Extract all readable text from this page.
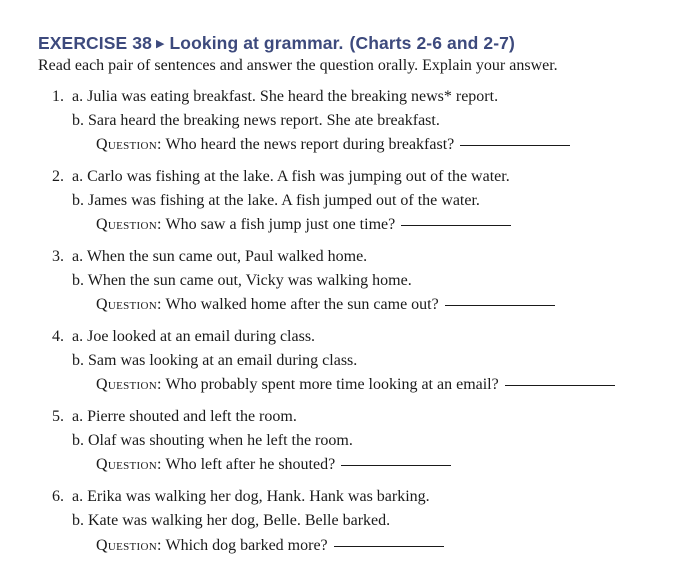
EXERCISE 38 ▶ Looking at grammar. (Charts 2-6 and 2-7)
Read each pair of sentences and answer the question orally. Explain your answer.
1. a. Julia was eating breakfast. She heard the breaking news* report.
b. Sara heard the breaking news report. She ate breakfast.
Question: Who heard the news report during breakfast?
2. a. Carlo was fishing at the lake. A fish was jumping out of the water.
b. James was fishing at the lake. A fish jumped out of the water.
Question: Who saw a fish jump just one time?
3. a. When the sun came out, Paul walked home.
b. When the sun came out, Vicky was walking home.
Question: Who walked home after the sun came out?
4. a. Joe looked at an email during class.
b. Sam was looking at an email during class.
Question: Who probably spent more time looking at an email?
5. a. Pierre shouted and left the room.
b. Olaf was shouting when he left the room.
Question: Who left after he shouted?
6. a. Erika was walking her dog, Hank. Hank was barking.
b. Kate was walking her dog, Belle. Belle barked.
Question: Which dog barked more?
